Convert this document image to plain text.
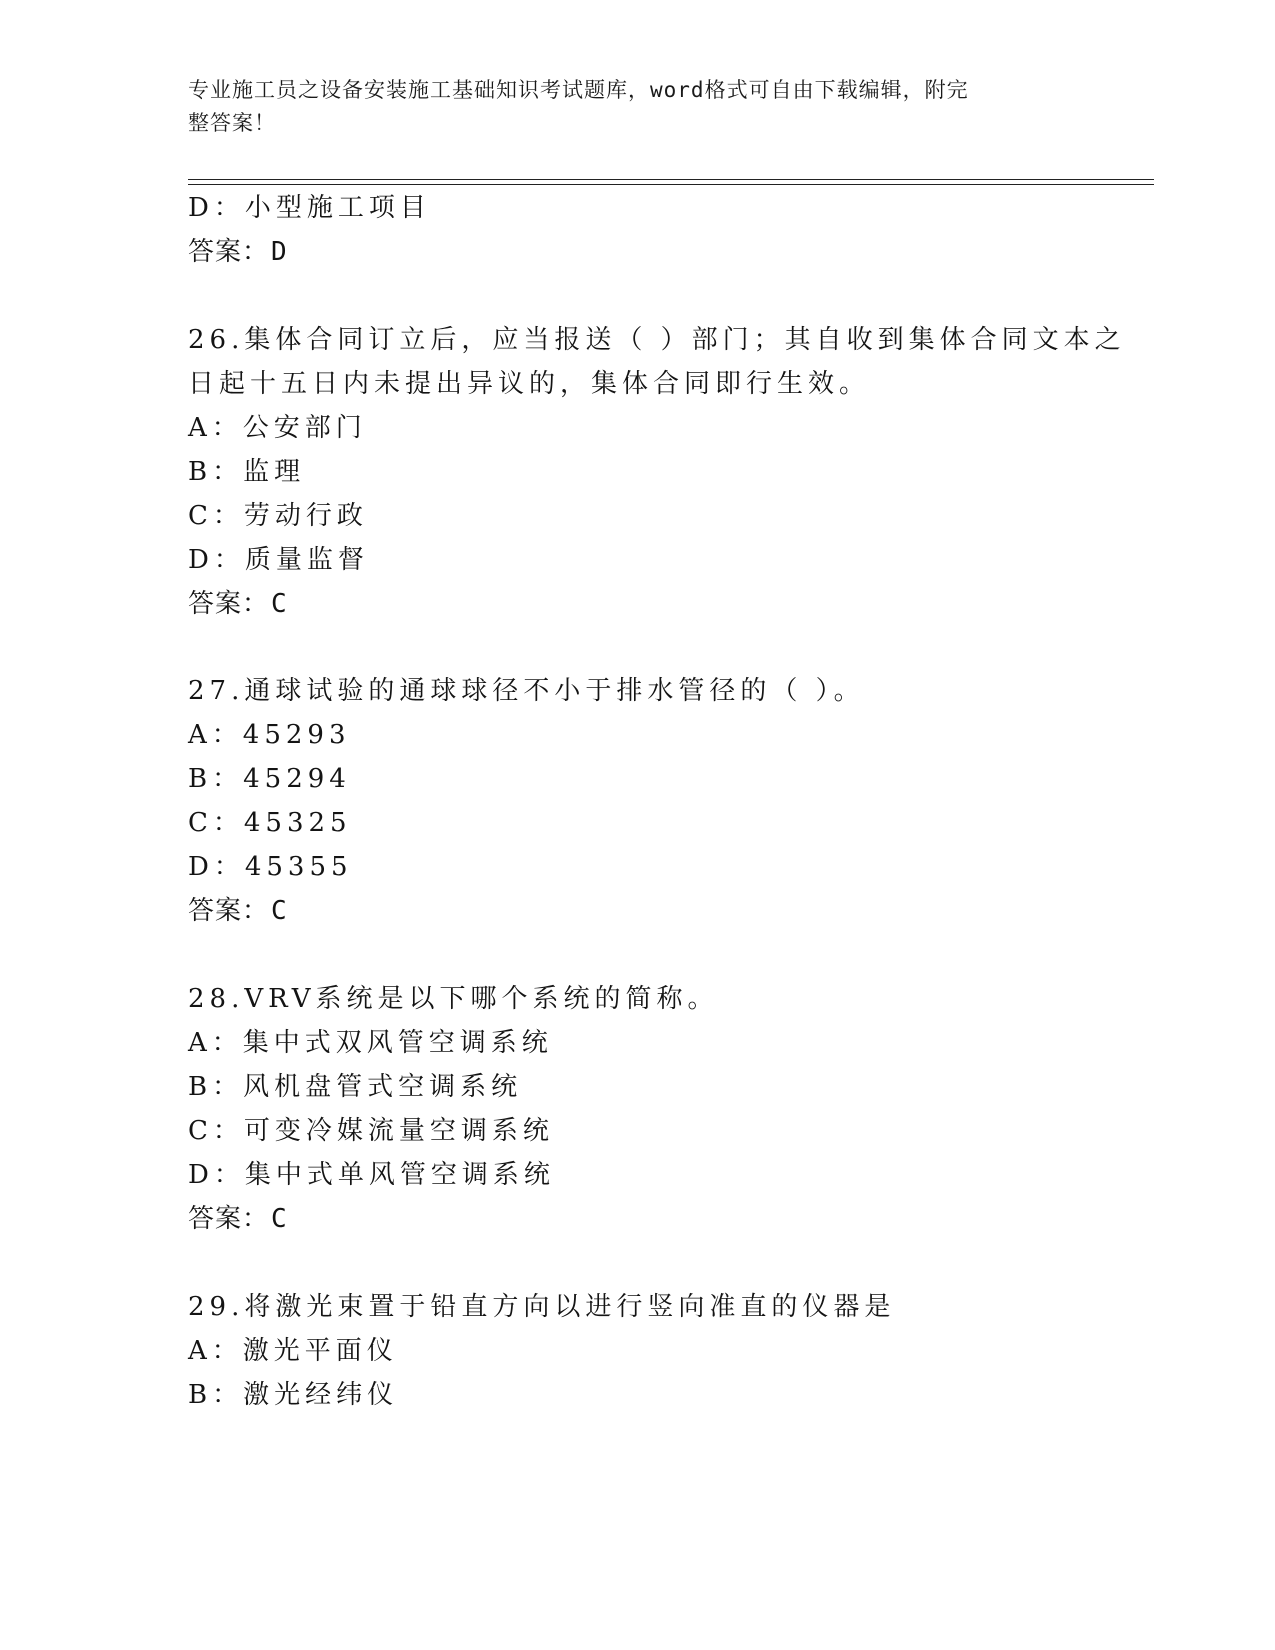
专业施工员之设备安装施工基础知识考试题库，word格式可自由下载编辑，附完
整答案！
D：小型施工项目
答案：D
26.集体合同订立后，应当报送（ ）部门；其自收到集体合同文本之
日起十五日内未提出异议的，集体合同即行生效。
A：公安部门
B：监理
C：劳动行政
D：质量监督
答案：C
27.通球试验的通球球径不小于排水管径的（ ）。
A：45293
B：45294
C：45325
D：45355
答案：C
28.VRV系统是以下哪个系统的简称。
A：集中式双风管空调系统
B：风机盘管式空调系统
C：可变冷媒流量空调系统
D：集中式单风管空调系统
答案：C
29.将激光束置于铅直方向以进行竖向准直的仪器是
A：激光平面仪
B：激光经纬仪
